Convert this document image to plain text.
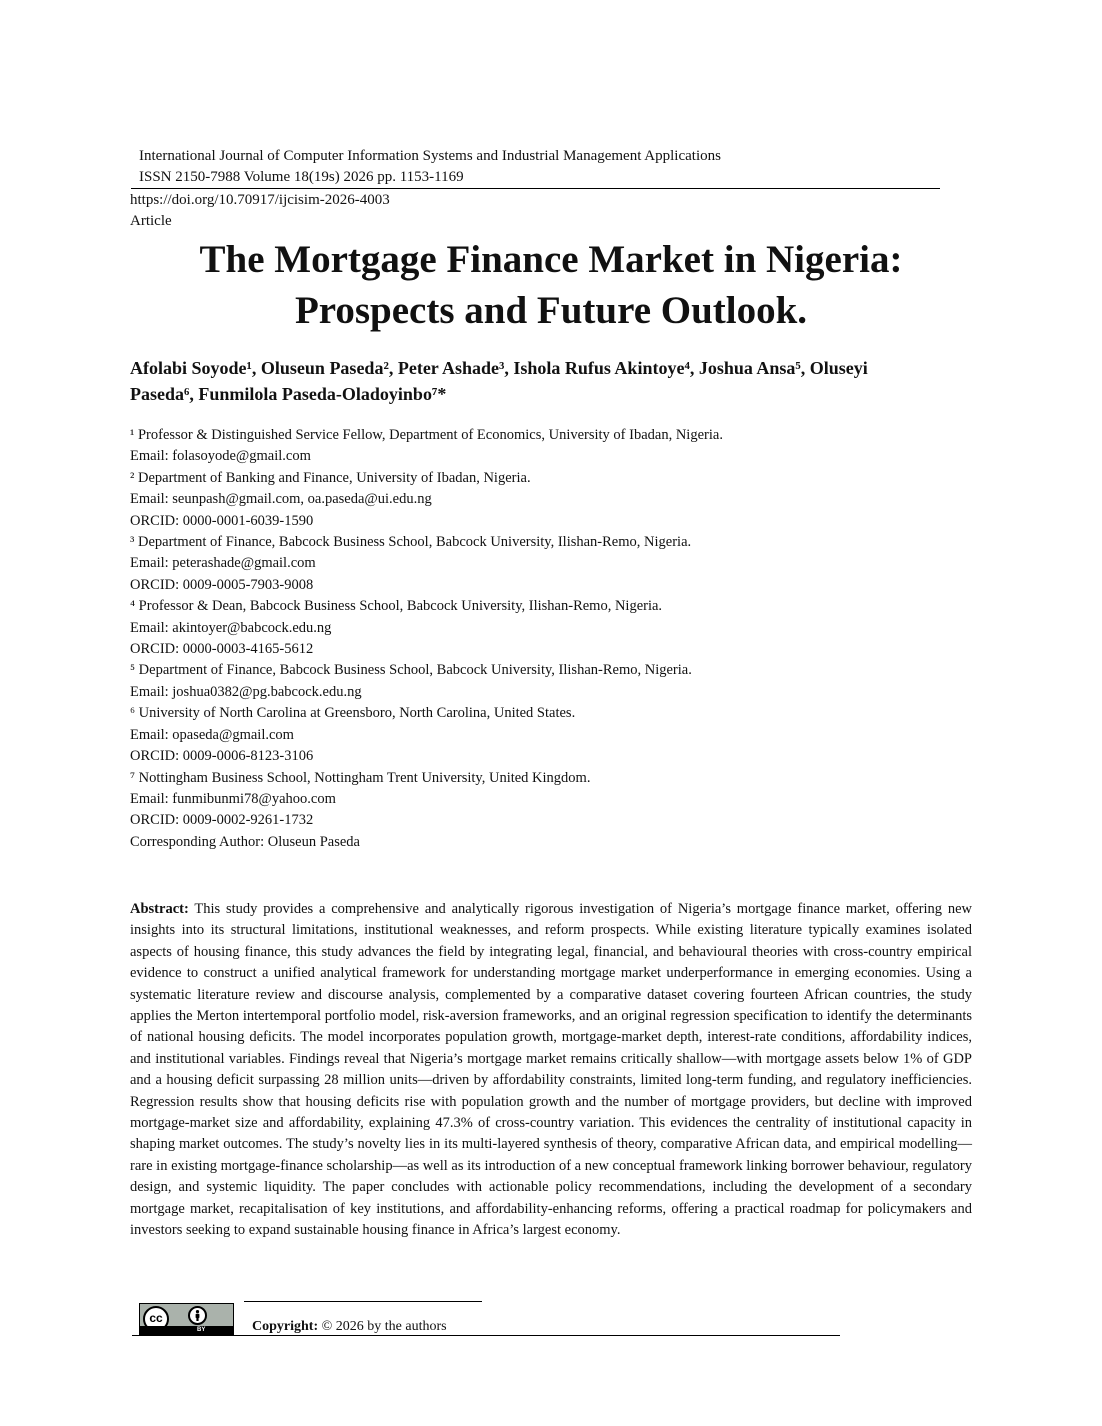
International Journal of Computer Information Systems and Industrial Management Applications
ISSN 2150-7988 Volume 18(19s) 2026 pp. 1153-1169
https://doi.org/10.70917/ijcisim-2026-4003
Article
The Mortgage Finance Market in Nigeria:
Prospects and Future Outlook.
Afolabi Soyode¹, Oluseun Paseda², Peter Ashade³, Ishola Rufus Akintoye⁴, Joshua Ansa⁵, Oluseyi
Paseda⁶, Funmilola Paseda-Oladoyinbo⁷*
¹ Professor & Distinguished Service Fellow, Department of Economics, University of Ibadan, Nigeria.
Email: folasoyode@gmail.com
² Department of Banking and Finance, University of Ibadan, Nigeria.
Email: seunpash@gmail.com, oa.paseda@ui.edu.ng
ORCID: 0000-0001-6039-1590
³ Department of Finance, Babcock Business School, Babcock University, Ilishan-Remo, Nigeria.
Email: peterashade@gmail.com
ORCID: 0009-0005-7903-9008
⁴ Professor & Dean, Babcock Business School, Babcock University, Ilishan-Remo, Nigeria.
Email: akintoyer@babcock.edu.ng
ORCID: 0000-0003-4165-5612
⁵ Department of Finance, Babcock Business School, Babcock University, Ilishan-Remo, Nigeria.
Email: joshua0382@pg.babcock.edu.ng
⁶ University of North Carolina at Greensboro, North Carolina, United States.
Email: opaseda@gmail.com
ORCID: 0009-0006-8123-3106
⁷ Nottingham Business School, Nottingham Trent University, United Kingdom.
Email: funmibunmi78@yahoo.com
ORCID: 0009-0002-9261-1732
Corresponding Author: Oluseun Paseda
Abstract: This study provides a comprehensive and analytically rigorous investigation of Nigeria’s mortgage finance market, offering new insights into its structural limitations, institutional weaknesses, and reform prospects. While existing literature typically examines isolated aspects of housing finance, this study advances the field by integrating legal, financial, and behavioural theories with cross-country empirical evidence to construct a unified analytical framework for understanding mortgage market underperformance in emerging economies. Using a systematic literature review and discourse analysis, complemented by a comparative dataset covering fourteen African countries, the study applies the Merton intertemporal portfolio model, risk-aversion frameworks, and an original regression specification to identify the determinants of national housing deficits. The model incorporates population growth, mortgage-market depth, interest-rate conditions, affordability indices, and institutional variables. Findings reveal that Nigeria’s mortgage market remains critically shallow—with mortgage assets below 1% of GDP and a housing deficit surpassing 28 million units—driven by affordability constraints, limited long-term funding, and regulatory inefficiencies. Regression results show that housing deficits rise with population growth and the number of mortgage providers, but decline with improved mortgage-market size and affordability, explaining 47.3% of cross-country variation. This evidences the centrality of institutional capacity in shaping market outcomes. The study’s novelty lies in its multi-layered synthesis of theory, comparative African data, and empirical modelling—rare in existing mortgage-finance scholarship—as well as its introduction of a new conceptual framework linking borrower behaviour, regulatory design, and systemic liquidity. The paper concludes with actionable policy recommendations, including the development of a secondary mortgage market, recapitalisation of key institutions, and affordability-enhancing reforms, offering a practical roadmap for policymakers and investors seeking to expand sustainable housing finance in Africa’s largest economy.
cc
BY	Copyright: © 2026 by the authors
